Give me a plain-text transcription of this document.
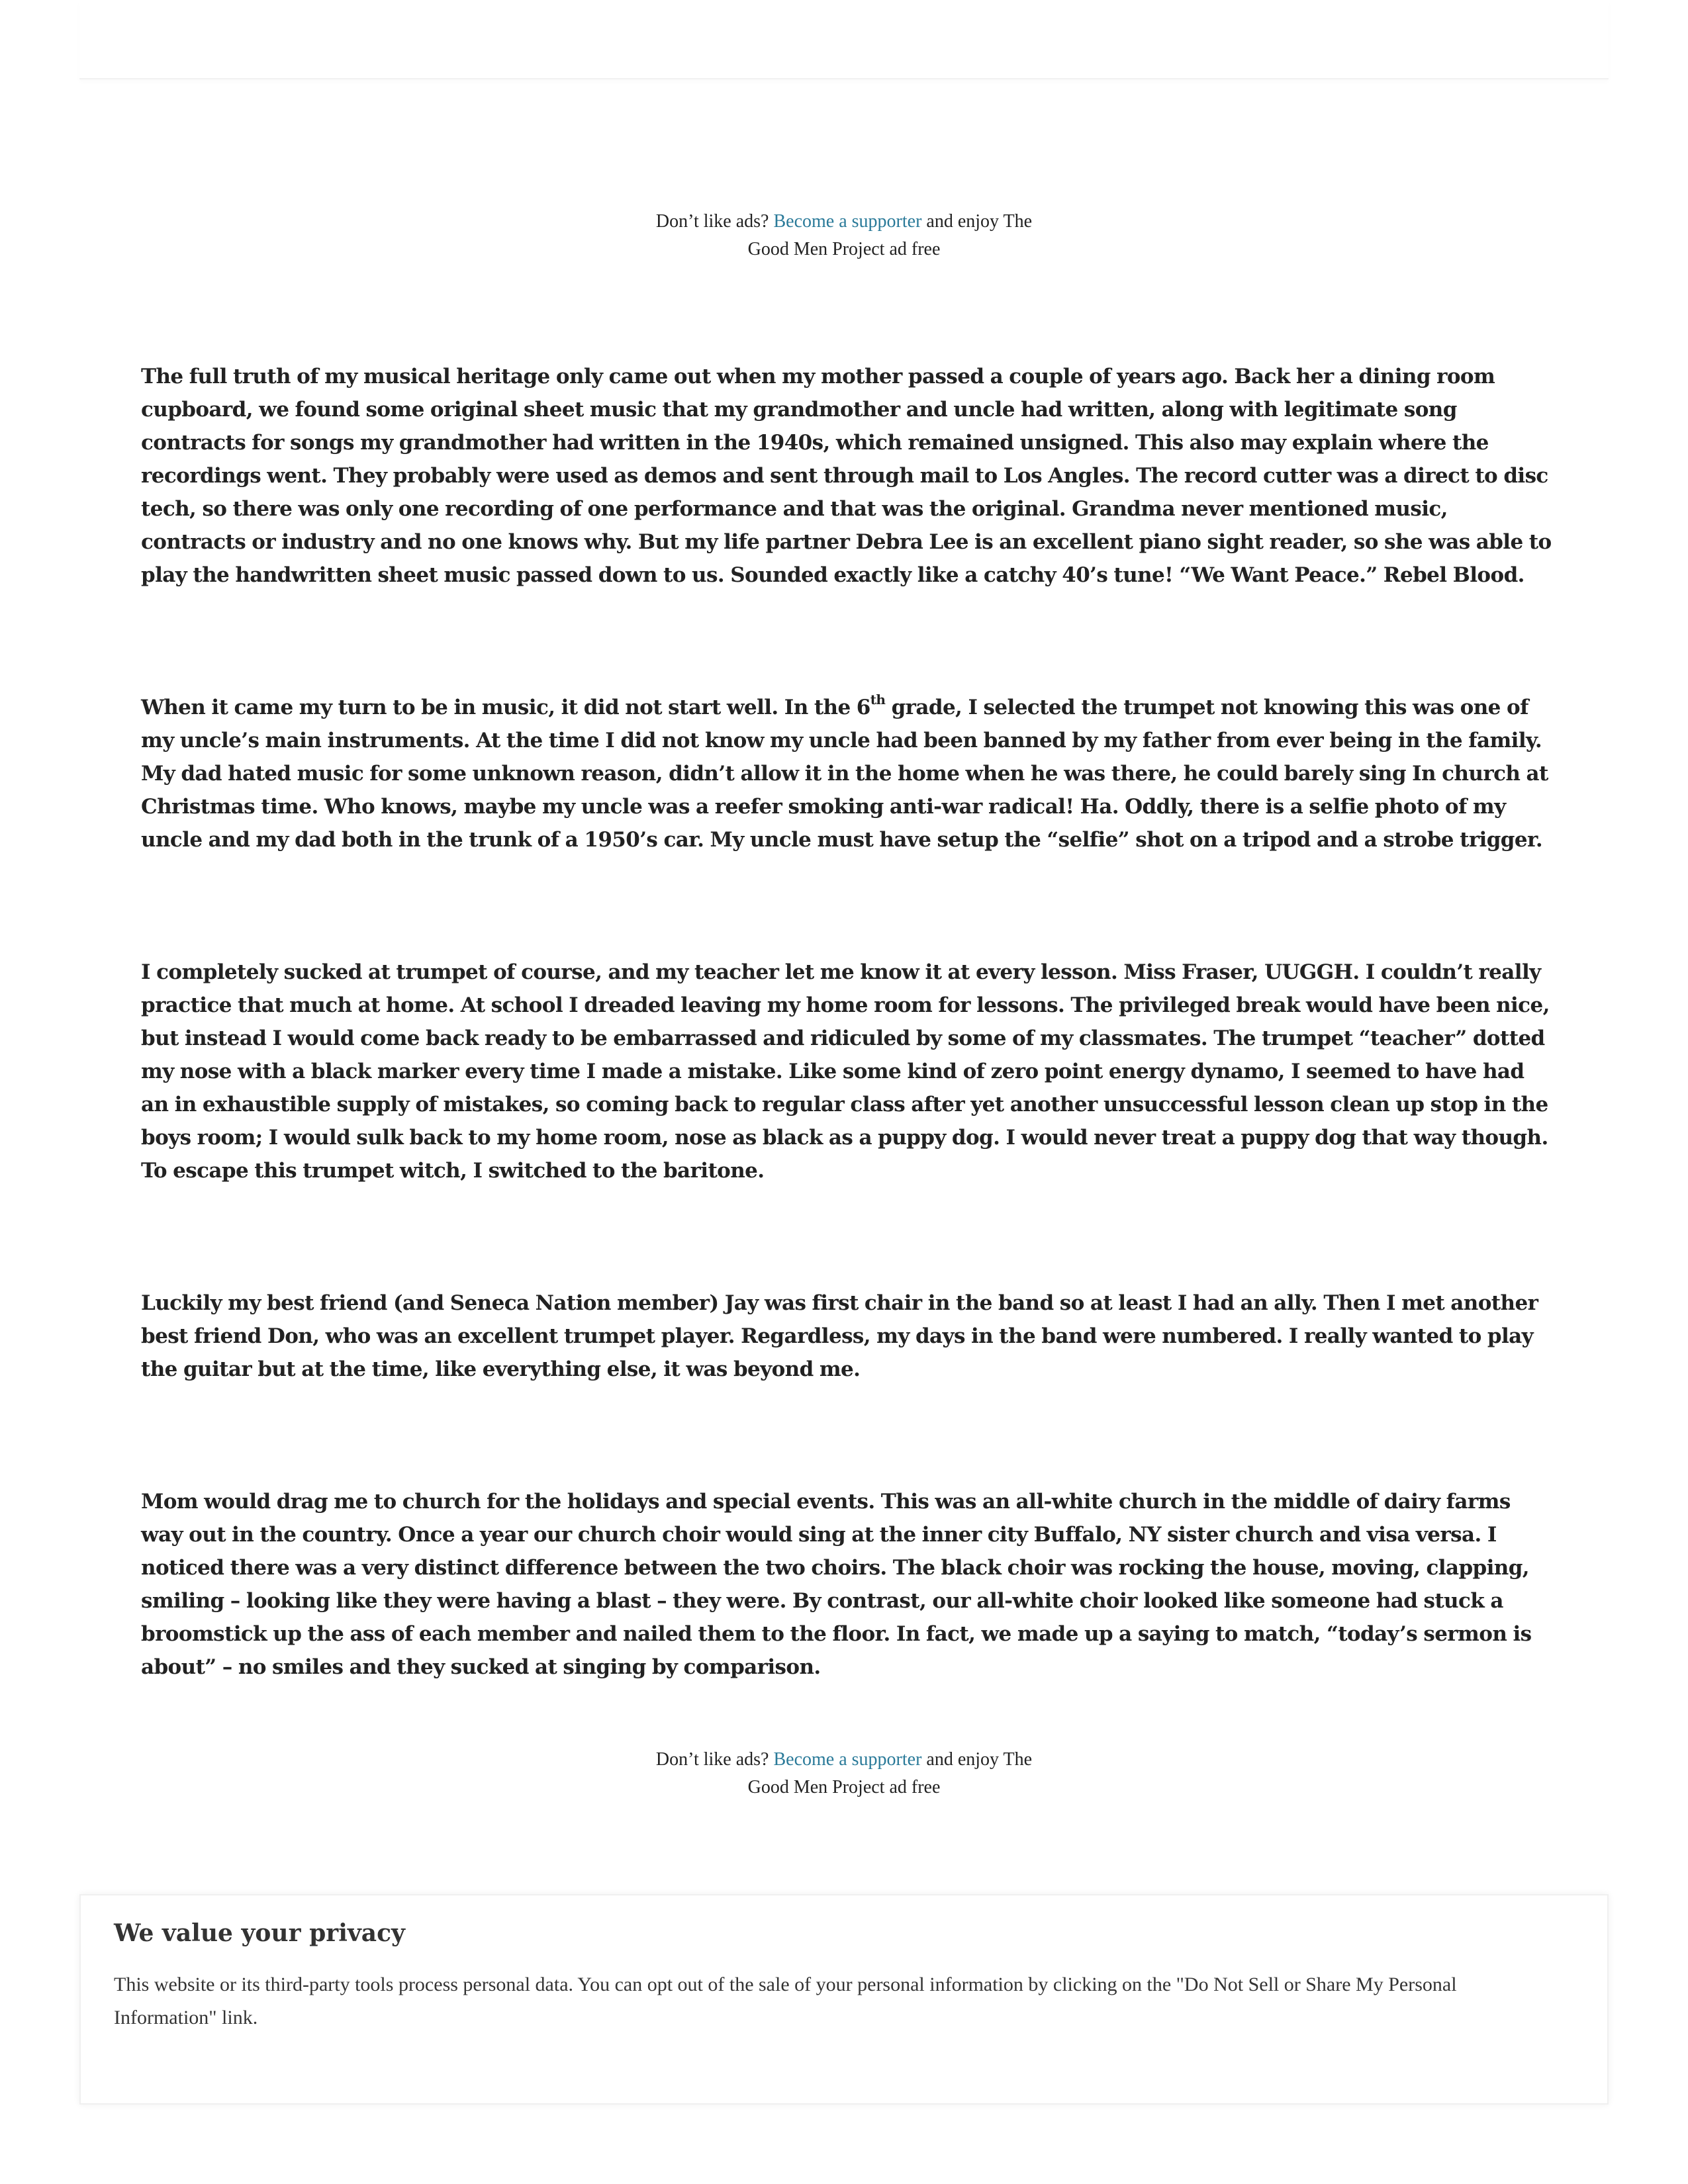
Don’t like ads? Become a supporter and enjoy The Good Men Project ad free

The full truth of my musical heritage only came out when my mother passed a couple of years ago. Back her a dining room cupboard, we found some original sheet music that my grandmother and uncle had written, along with legitimate song contracts for songs my grandmother had written in the 1940s, which remained unsigned. This also may explain where the recordings went. They probably were used as demos and sent through mail to Los Angles. The record cutter was a direct to disc tech, so there was only one recording of one performance and that was the original. Grandma never mentioned music, contracts or industry and no one knows why. But my life partner Debra Lee is an excellent piano sight reader, so she was able to play the handwritten sheet music passed down to us. Sounded exactly like a catchy 40’s tune! “We Want Peace.” Rebel Blood.

When it came my turn to be in music, it did not start well. In the 6th grade, I selected the trumpet not knowing this was one of my uncle’s main instruments. At the time I did not know my uncle had been banned by my father from ever being in the family. My dad hated music for some unknown reason, didn’t allow it in the home when he was there, he could barely sing In church at Christmas time. Who knows, maybe my uncle was a reefer smoking anti-war radical! Ha. Oddly, there is a selfie photo of my uncle and my dad both in the trunk of a 1950’s car. My uncle must have setup the “selfie” shot on a tripod and a strobe trigger.

I completely sucked at trumpet of course, and my teacher let me know it at every lesson. Miss Fraser, UUGGH. I couldn’t really practice that much at home. At school I dreaded leaving my home room for lessons. The privileged break would have been nice, but instead I would come back ready to be embarrassed and ridiculed by some of my classmates. The trumpet “teacher” dotted my nose with a black marker every time I made a mistake. Like some kind of zero point energy dynamo, I seemed to have had an in exhaustible supply of mistakes, so coming back to regular class after yet another unsuccessful lesson clean up stop in the boys room; I would sulk back to my home room, nose as black as a puppy dog. I would never treat a puppy dog that way though. To escape this trumpet witch, I switched to the baritone.

Luckily my best friend (and Seneca Nation member) Jay was first chair in the band so at least I had an ally. Then I met another best friend Don, who was an excellent trumpet player. Regardless, my days in the band were numbered. I really wanted to play the guitar but at the time, like everything else, it was beyond me.

Mom would drag me to church for the holidays and special events. This was an all-white church in the middle of dairy farms way out in the country. Once a year our church choir would sing at the inner city Buffalo, NY sister church and visa versa. I noticed there was a very distinct difference between the two choirs. The black choir was rocking the house, moving, clapping, smiling – looking like they were having a blast – they were. By contrast, our all-white choir looked like someone had stuck a broomstick up the ass of each member and nailed them to the floor. In fact, we made up a saying to match, “today’s sermon is about” – no smiles and they sucked at singing by comparison.

Don’t like ads? Become a supporter and enjoy The Good Men Project ad free
We value your privacy

This website or its third-party tools process personal data. You can opt out of the sale of your personal information by clicking on the "Do Not Sell or Share My Personal Information" link.
